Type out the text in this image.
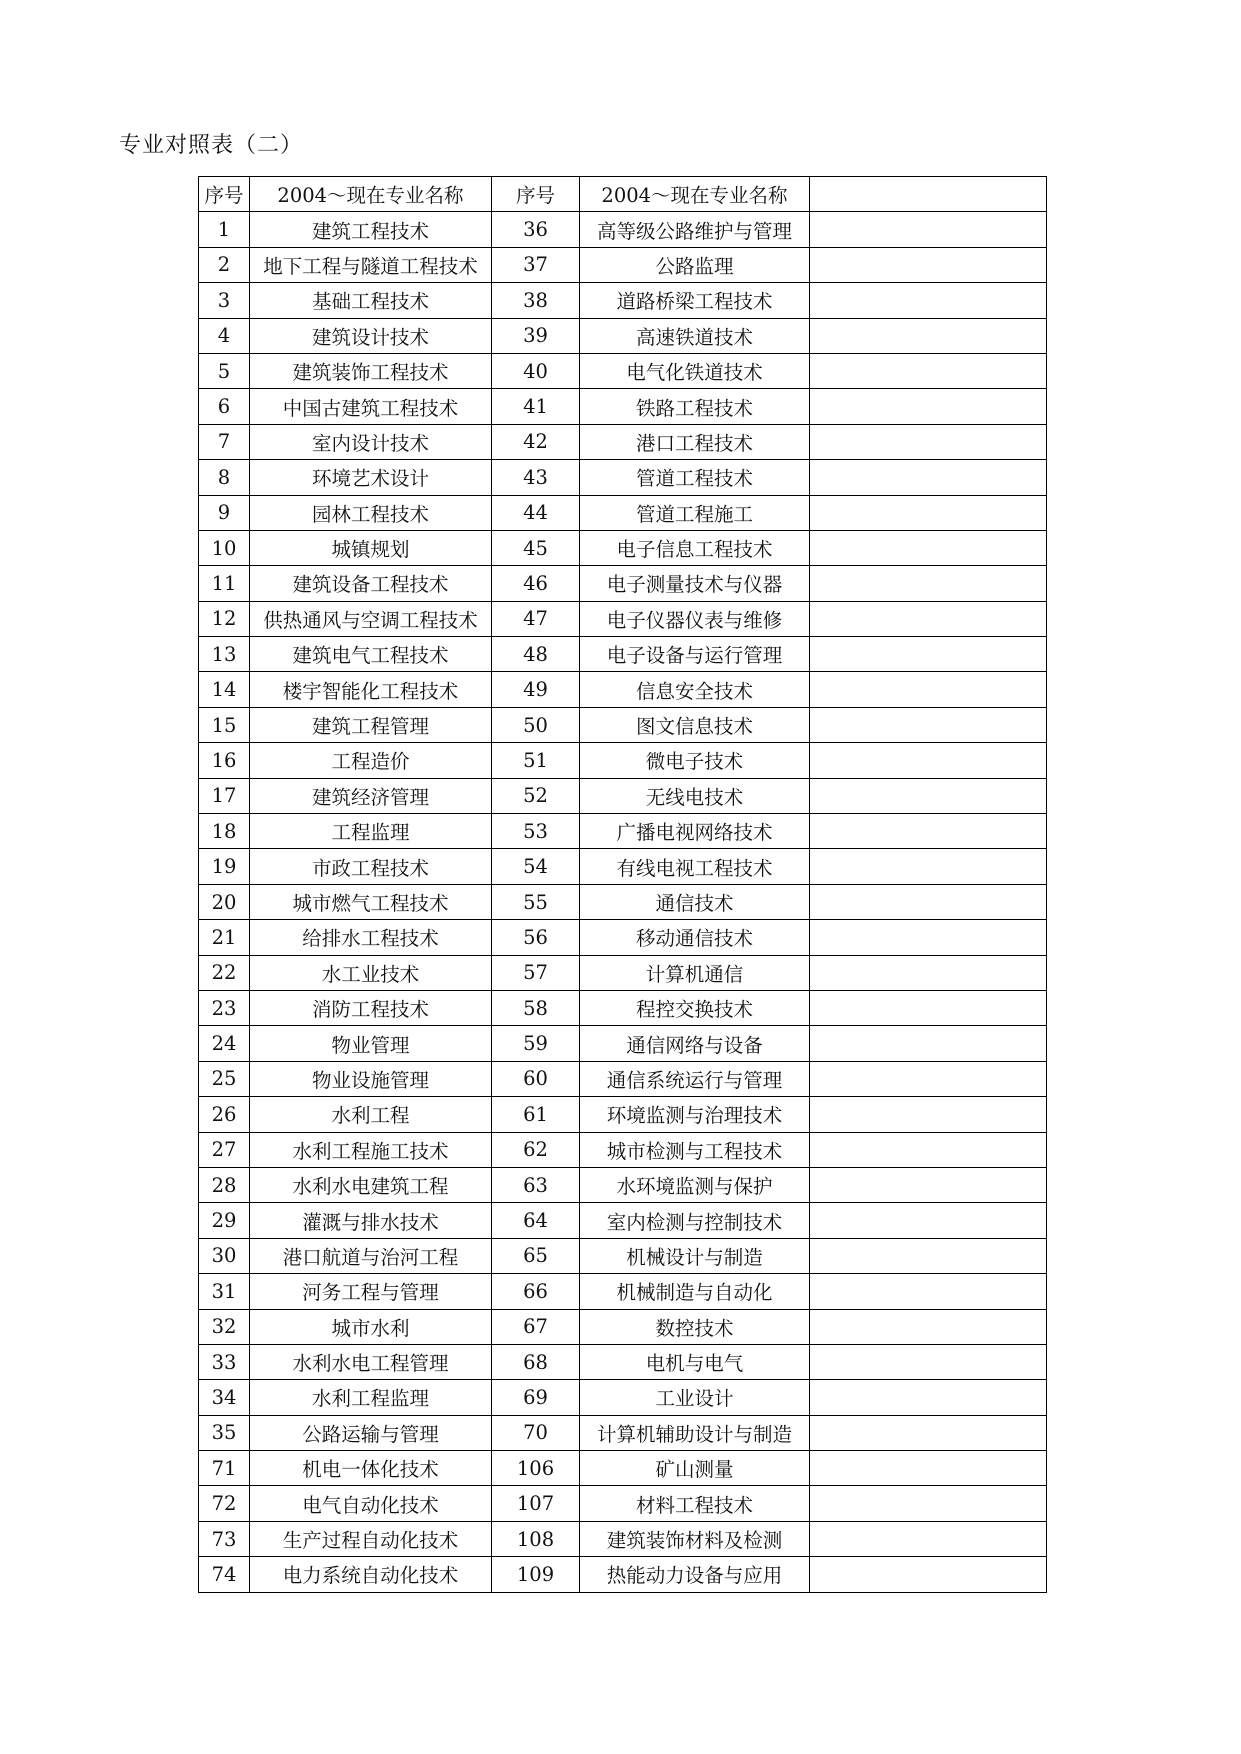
专业对照表（二）
序号	2004～现在专业名称	序号	2004～现在专业名称	
1	建筑工程技术	36	高等级公路维护与管理	
2	地下工程与隧道工程技术	37	公路监理	
3	基础工程技术	38	道路桥梁工程技术	
4	建筑设计技术	39	高速铁道技术	
5	建筑装饰工程技术	40	电气化铁道技术	
6	中国古建筑工程技术	41	铁路工程技术	
7	室内设计技术	42	港口工程技术	
8	环境艺术设计	43	管道工程技术	
9	园林工程技术	44	管道工程施工	
10	城镇规划	45	电子信息工程技术	
11	建筑设备工程技术	46	电子测量技术与仪器	
12	供热通风与空调工程技术	47	电子仪器仪表与维修	
13	建筑电气工程技术	48	电子设备与运行管理	
14	楼宇智能化工程技术	49	信息安全技术	
15	建筑工程管理	50	图文信息技术	
16	工程造价	51	微电子技术	
17	建筑经济管理	52	无线电技术	
18	工程监理	53	广播电视网络技术	
19	市政工程技术	54	有线电视工程技术	
20	城市燃气工程技术	55	通信技术	
21	给排水工程技术	56	移动通信技术	
22	水工业技术	57	计算机通信	
23	消防工程技术	58	程控交换技术	
24	物业管理	59	通信网络与设备	
25	物业设施管理	60	通信系统运行与管理	
26	水利工程	61	环境监测与治理技术	
27	水利工程施工技术	62	城市检测与工程技术	
28	水利水电建筑工程	63	水环境监测与保护	
29	灌溉与排水技术	64	室内检测与控制技术	
30	港口航道与治河工程	65	机械设计与制造	
31	河务工程与管理	66	机械制造与自动化	
32	城市水利	67	数控技术	
33	水利水电工程管理	68	电机与电气	
34	水利工程监理	69	工业设计	
35	公路运输与管理	70	计算机辅助设计与制造	
71	机电一体化技术	106	矿山测量	
72	电气自动化技术	107	材料工程技术	
73	生产过程自动化技术	108	建筑装饰材料及检测	
74	电力系统自动化技术	109	热能动力设备与应用	
